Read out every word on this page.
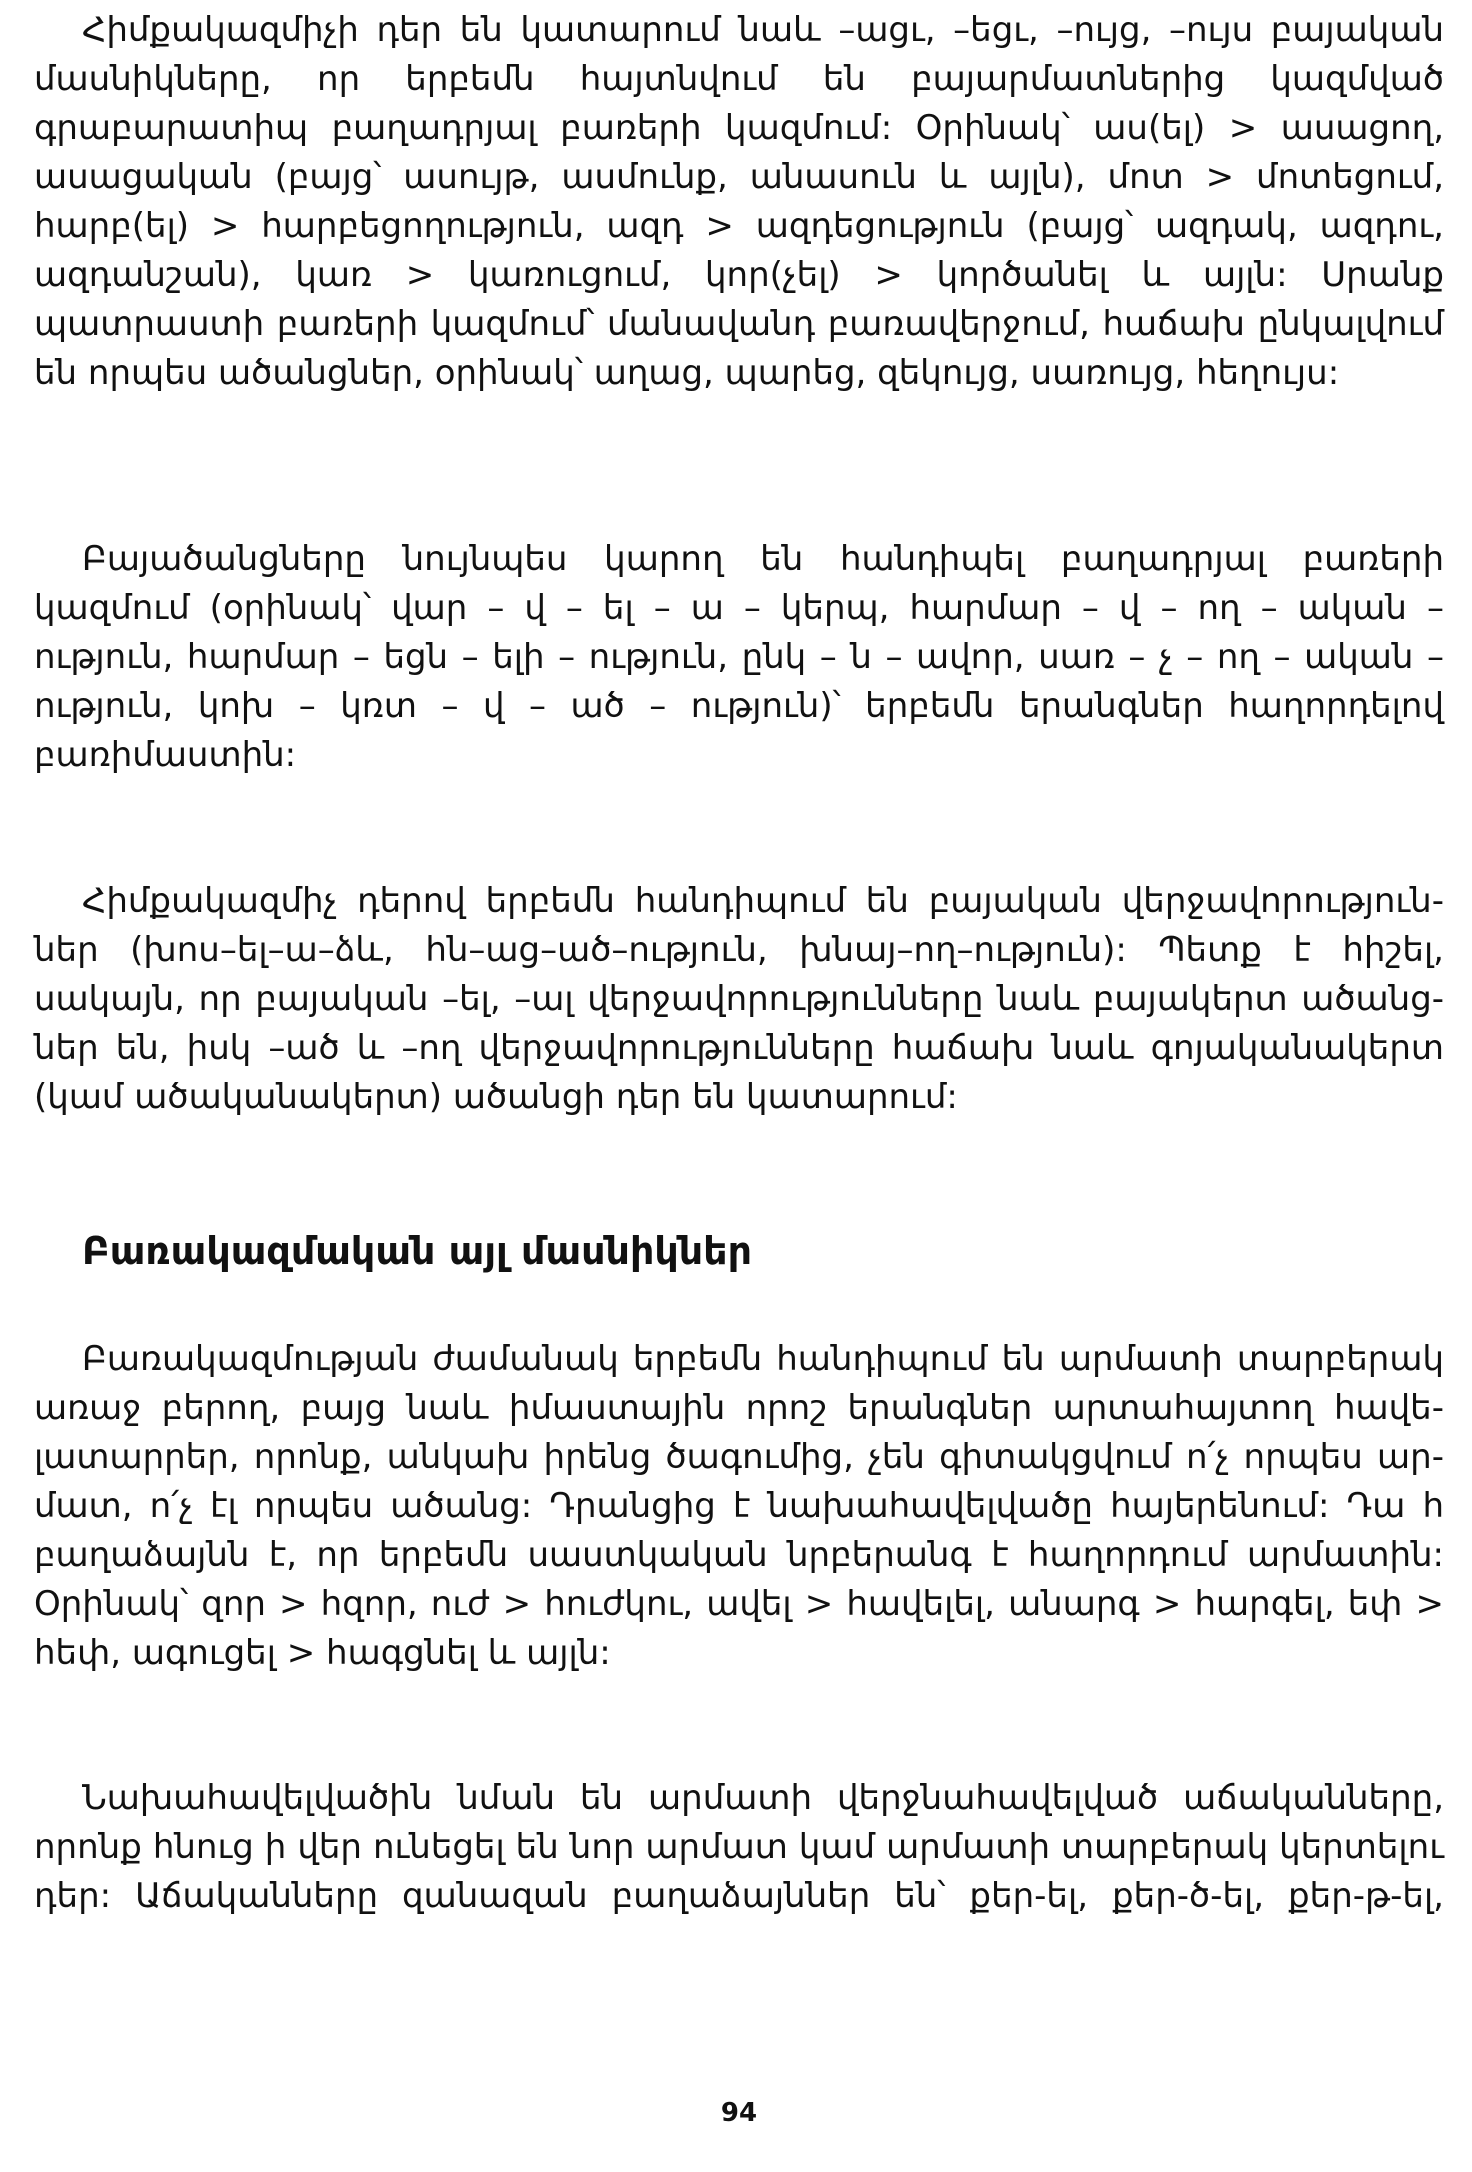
Հիմքակազմիչի դեր են կատարում նաև –ացւ, –եցւ, –ույց, –ույս բայական
մասնիկները, որ երբեմն հայտնվում են բայարմատներից կազմված
գրաբարատիպ բաղադրյալ բառերի կազմում: Օրինակ՝ աս(ել) > ասացող,
ասացական (բայց՝ ասույթ, ասմունք, անասուն և այլն), մոտ > մոտեցում,
հարբ(ել) > հարբեցողություն, ազդ > ազդեցություն (բայց՝ ազդակ, ազդու,
ազդանշան), կառ > կառուցում, կոր(չել) > կործանել և այլն: Սրանք
պատրաստի բառերի կազմում՝ մանավանդ բառավերջում, հաճախ ընկալվում
են որպես ածանցներ, օրինակ՝ աղաց, պարեց, զեկույց, սառույց, հեղույս:
Բայածանցները նույնպես կարող են հանդիպել բաղադրյալ բառերի
կազմում (օրինակ՝ վար – վ – ել – ա – կերպ, հարմար – վ – ող – ական –
ություն, հարմար – եցն – ելի – ություն, ընկ – ն – ավոր, սառ – չ – ող – ական –
ություն, կոխ – կռտ – վ – ած – ություն)՝ երբեմն երանգներ հաղորդելով
բառիմաստին:
Հիմքակազմիչ դերով երբեմն հանդիպում են բայական վերջավորություն-
ներ (խոս–ել–ա–ձև, հն–աց–ած–ություն, խնայ–ող–ություն): Պետք է հիշել,
սակայն, որ բայական –ել, –ալ վերջավորությունները նաև բայակերտ ածանց-
ներ են, իսկ –ած և –ող վերջավորությունները հաճախ նաև գոյականակերտ
(կամ ածականակերտ) ածանցի դեր են կատարում:
Բառակազմական այլ մասնիկներ
Բառակազմության ժամանակ երբեմն հանդիպում են արմատի տարբերակ
առաջ բերող, բայց նաև իմաստային որոշ երանգներ արտահայտող հավե-
լատարրեր, որոնք, անկախ իրենց ծագումից, չեն գիտակցվում ո՛չ որպես ար-
մատ, ո՛չ էլ որպես ածանց: Դրանցից է նախահավելվածը հայերենում: Դա հ
բաղաձայնն է, որ երբեմն սաստկական նրբերանգ է հաղորդում արմատին:
Օրինակ՝ զոր > հզոր, ուժ > հուժկու, ավել > հավելել, անարգ > հարգել, եփ >
հեփ, ագուցել > հագցնել և այլն:
Նախահավելվածին նման են արմատի վերջնահավելված աճականները,
որոնք հնուց ի վեր ունեցել են նոր արմատ կամ արմատի տարբերակ կերտելու
դեր: Աճականները զանազան բաղաձայններ են՝ քեր-ել, քեր-ծ-ել, քեր-թ-ել,
94
